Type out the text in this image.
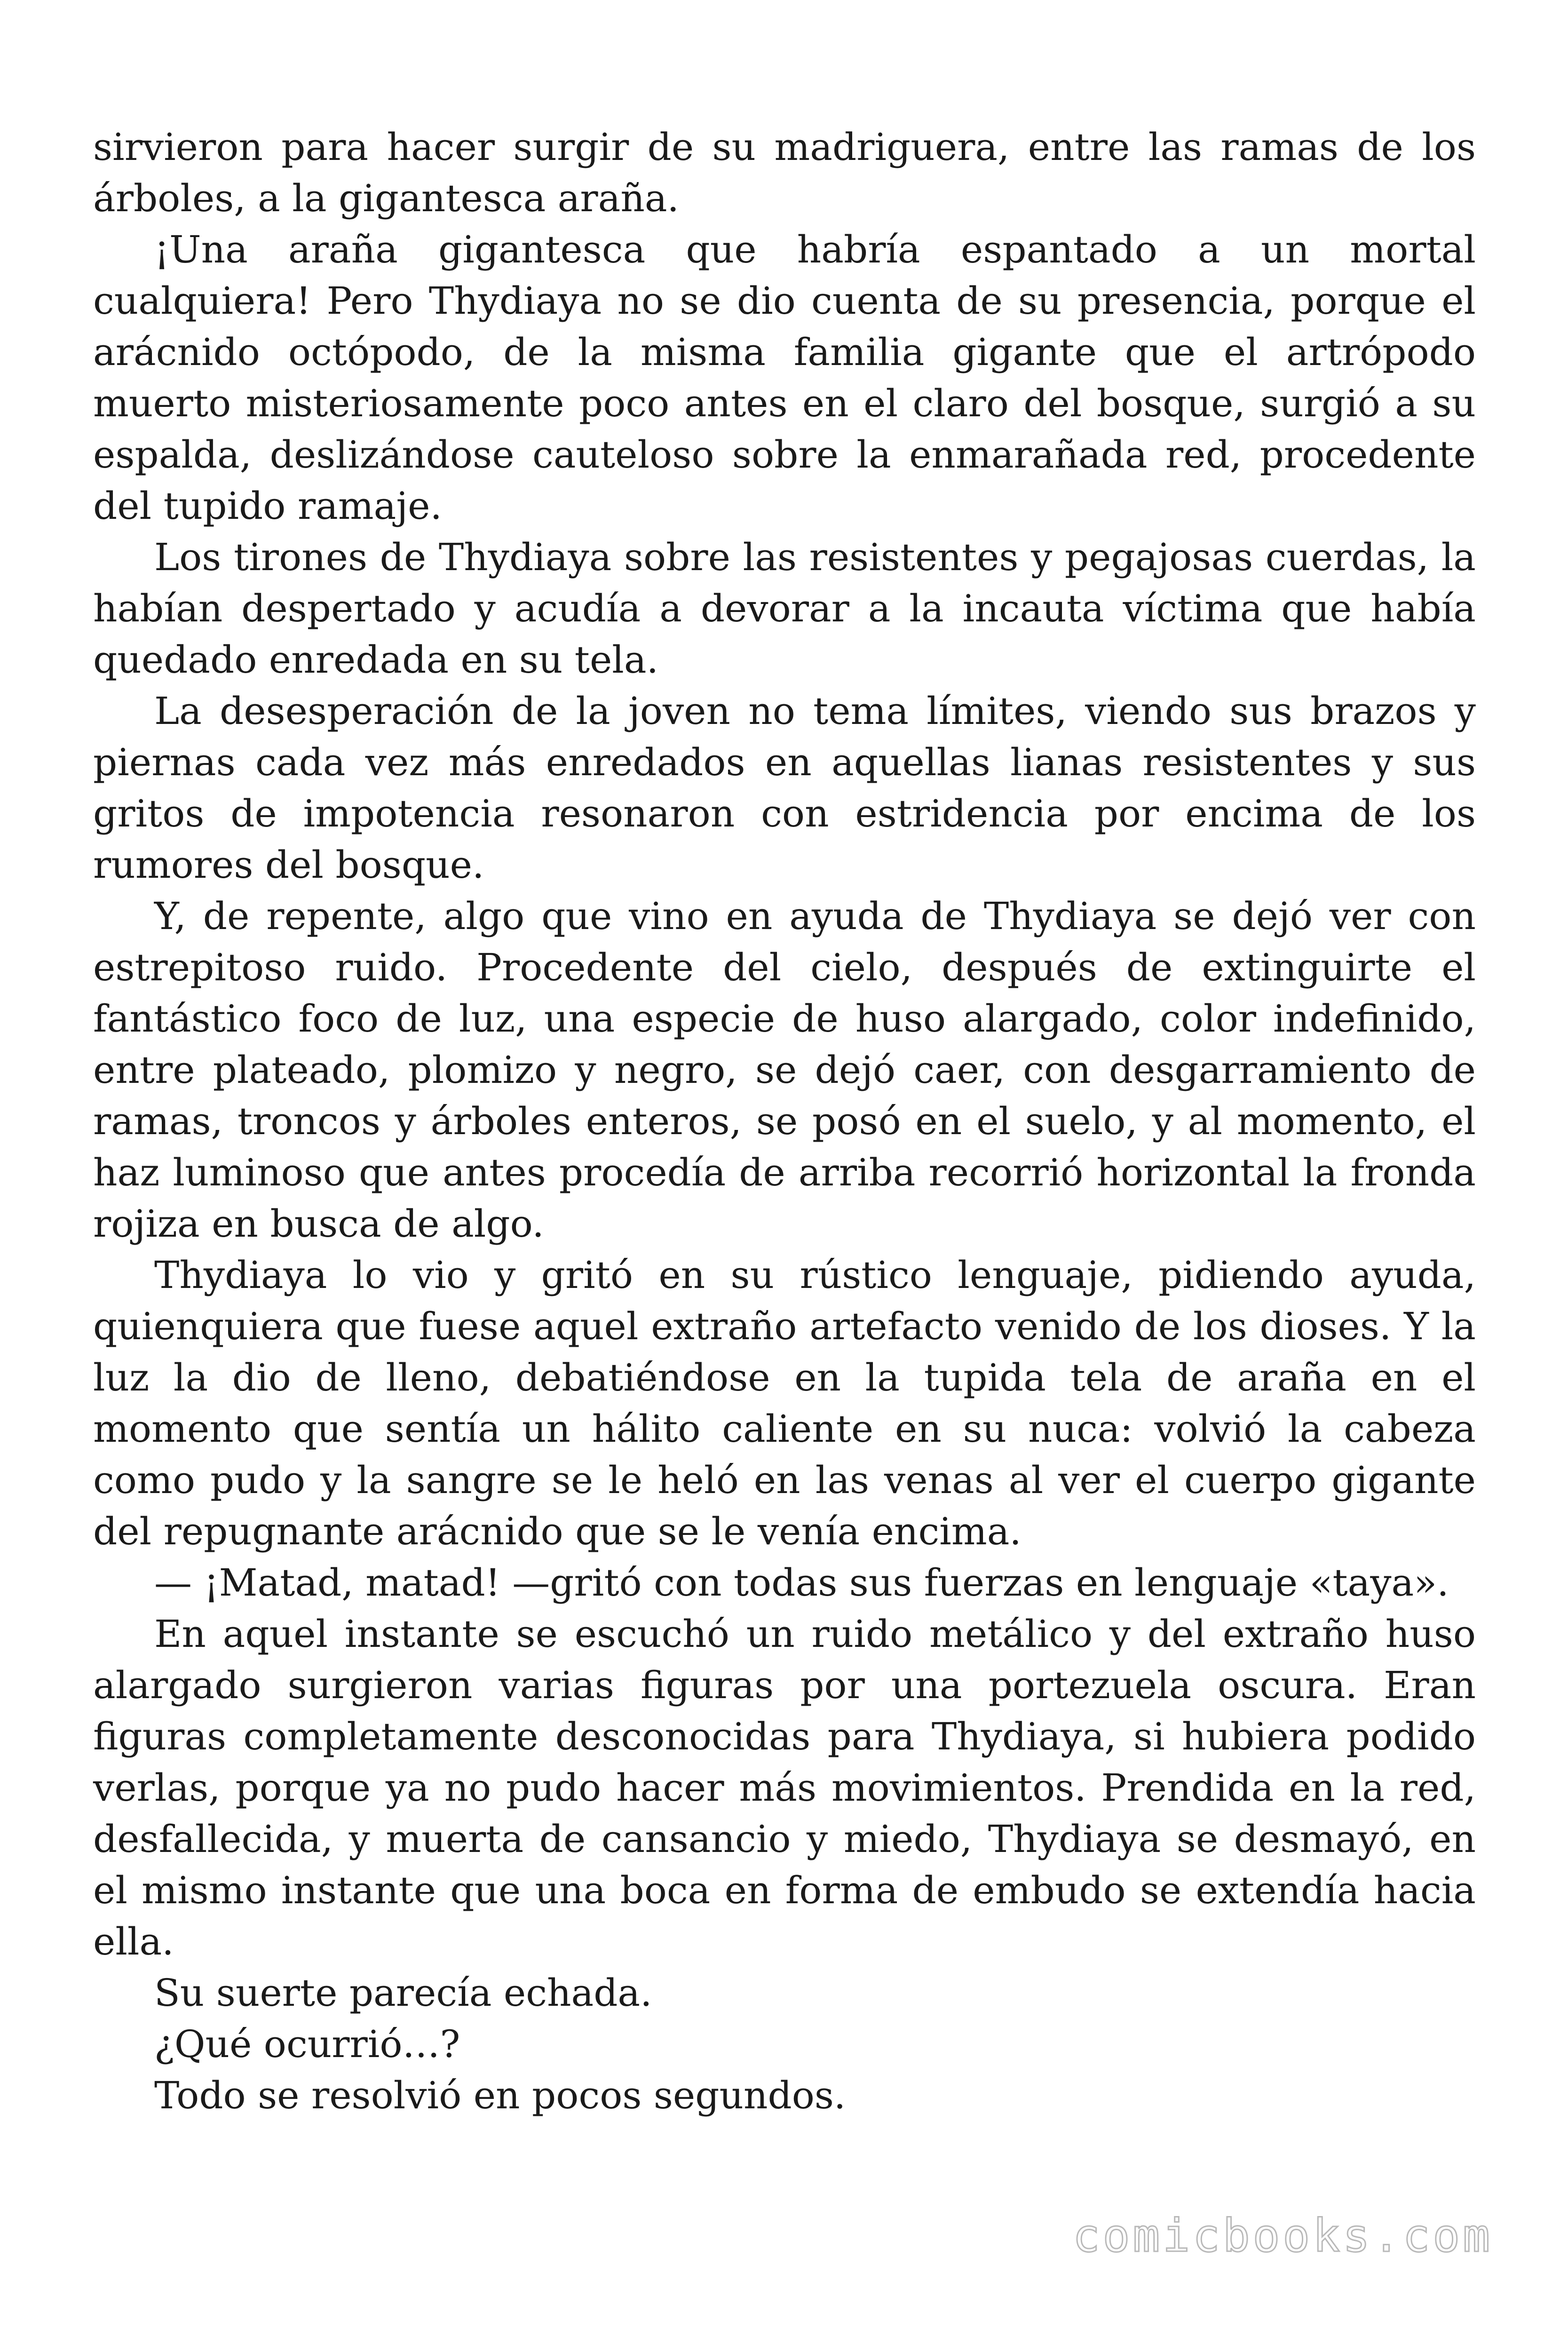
sirvieron para hacer surgir de su madriguera, entre las ramas de los árboles, a la gigantesca araña.

¡Una araña gigantesca que habría espantado a un mortal cualquiera! Pero Thydiaya no se dio cuenta de su presencia, porque el arácnido octópodo, de la misma familia gigante que el artrópodo muerto misteriosamente poco antes en el claro del bosque, surgió a su espalda, deslizándose cauteloso sobre la enmarañada red, procedente del tupido ramaje.

Los tirones de Thydiaya sobre las resistentes y pegajosas cuerdas, la habían despertado y acudía a devorar a la incauta víctima que había quedado enredada en su tela.

La desesperación de la joven no tema límites, viendo sus brazos y piernas cada vez más enredados en aquellas lianas resistentes y sus gritos de impotencia resonaron con estridencia por encima de los rumores del bosque.

Y, de repente, algo que vino en ayuda de Thydiaya se dejó ver con estrepitoso ruido. Procedente del cielo, después de extinguirte el fantástico foco de luz, una especie de huso alargado, color indefinido, entre plateado, plomizo y negro, se dejó caer, con desgarramiento de ramas, troncos y árboles enteros, se posó en el suelo, y al momento, el haz luminoso que antes procedía de arriba recorrió horizontal la fronda rojiza en busca de algo.

Thydiaya lo vio y gritó en su rústico lenguaje, pidiendo ayuda, quienquiera que fuese aquel extraño artefacto venido de los dioses. Y la luz la dio de lleno, debatiéndose en la tupida tela de araña en el momento que sentía un hálito caliente en su nuca: volvió la cabeza como pudo y la sangre se le heló en las venas al ver el cuerpo gigante del repugnante arácnido que se le venía encima.

— ¡Matad, matad! —gritó con todas sus fuerzas en lenguaje «taya».

En aquel instante se escuchó un ruido metálico y del extraño huso alargado surgieron varias figuras por una portezuela oscura. Eran figuras completamente desconocidas para Thydiaya, si hubiera podido verlas, porque ya no pudo hacer más movimientos. Prendida en la red, desfallecida, y muerta de cansancio y miedo, Thydiaya se desmayó, en el mismo instante que una boca en forma de embudo se extendía hacia ella.

Su suerte parecía echada.

¿Qué ocurrió…?

Todo se resolvió en pocos segundos.

comicbooks.com
